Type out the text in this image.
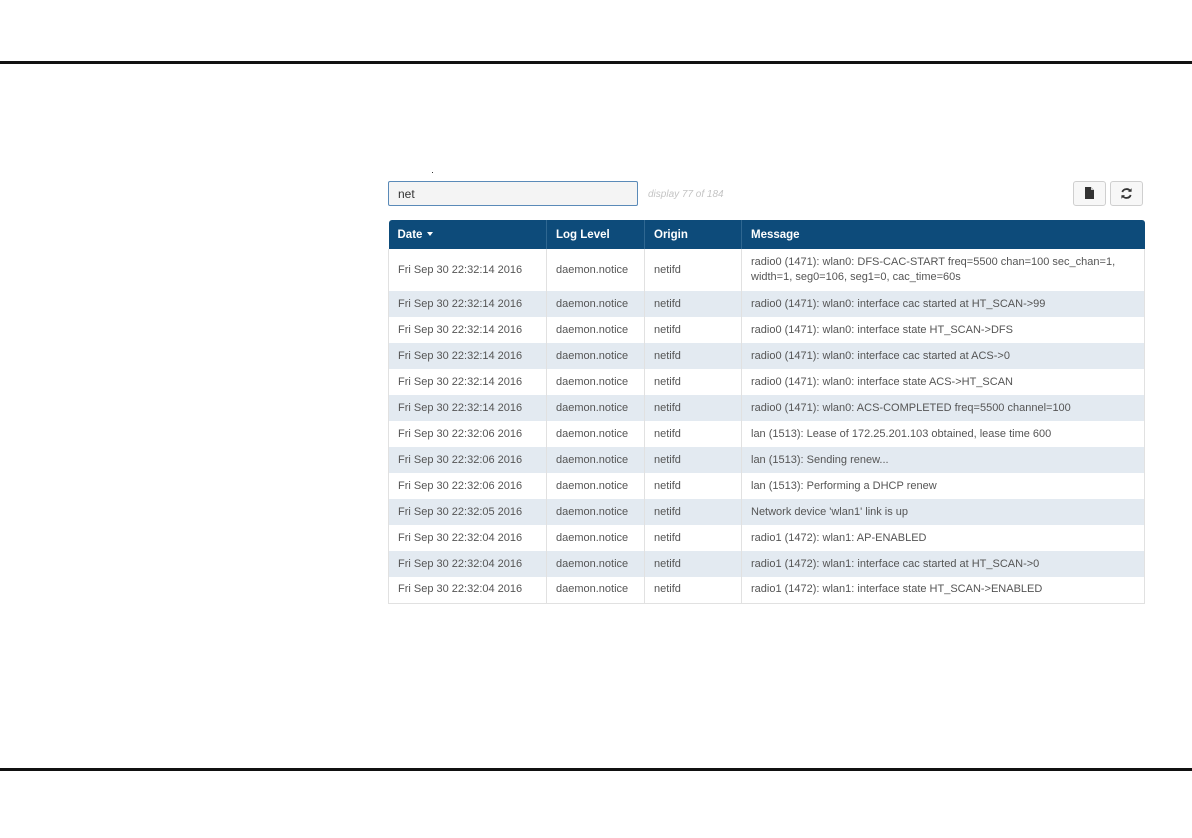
net
display 77 of 184
Date	Log Level	Origin	Message
Fri Sep 30 22:32:14 2016	daemon.notice	netifd	radio0 (1471): wlan0: DFS-CAC-START freq=5500 chan=100 sec_chan=1, width=1, seg0=106, seg1=0, cac_time=60s
Fri Sep 30 22:32:14 2016	daemon.notice	netifd	radio0 (1471): wlan0: interface cac started at HT_SCAN->99
Fri Sep 30 22:32:14 2016	daemon.notice	netifd	radio0 (1471): wlan0: interface state HT_SCAN->DFS
Fri Sep 30 22:32:14 2016	daemon.notice	netifd	radio0 (1471): wlan0: interface cac started at ACS->0
Fri Sep 30 22:32:14 2016	daemon.notice	netifd	radio0 (1471): wlan0: interface state ACS->HT_SCAN
Fri Sep 30 22:32:14 2016	daemon.notice	netifd	radio0 (1471): wlan0: ACS-COMPLETED freq=5500 channel=100
Fri Sep 30 22:32:06 2016	daemon.notice	netifd	lan (1513): Lease of 172.25.201.103 obtained, lease time 600
Fri Sep 30 22:32:06 2016	daemon.notice	netifd	lan (1513): Sending renew...
Fri Sep 30 22:32:06 2016	daemon.notice	netifd	lan (1513): Performing a DHCP renew
Fri Sep 30 22:32:05 2016	daemon.notice	netifd	Network device 'wlan1' link is up
Fri Sep 30 22:32:04 2016	daemon.notice	netifd	radio1 (1472): wlan1: AP-ENABLED
Fri Sep 30 22:32:04 2016	daemon.notice	netifd	radio1 (1472): wlan1: interface cac started at HT_SCAN->0
Fri Sep 30 22:32:04 2016	daemon.notice	netifd	radio1 (1472): wlan1: interface state HT_SCAN->ENABLED
